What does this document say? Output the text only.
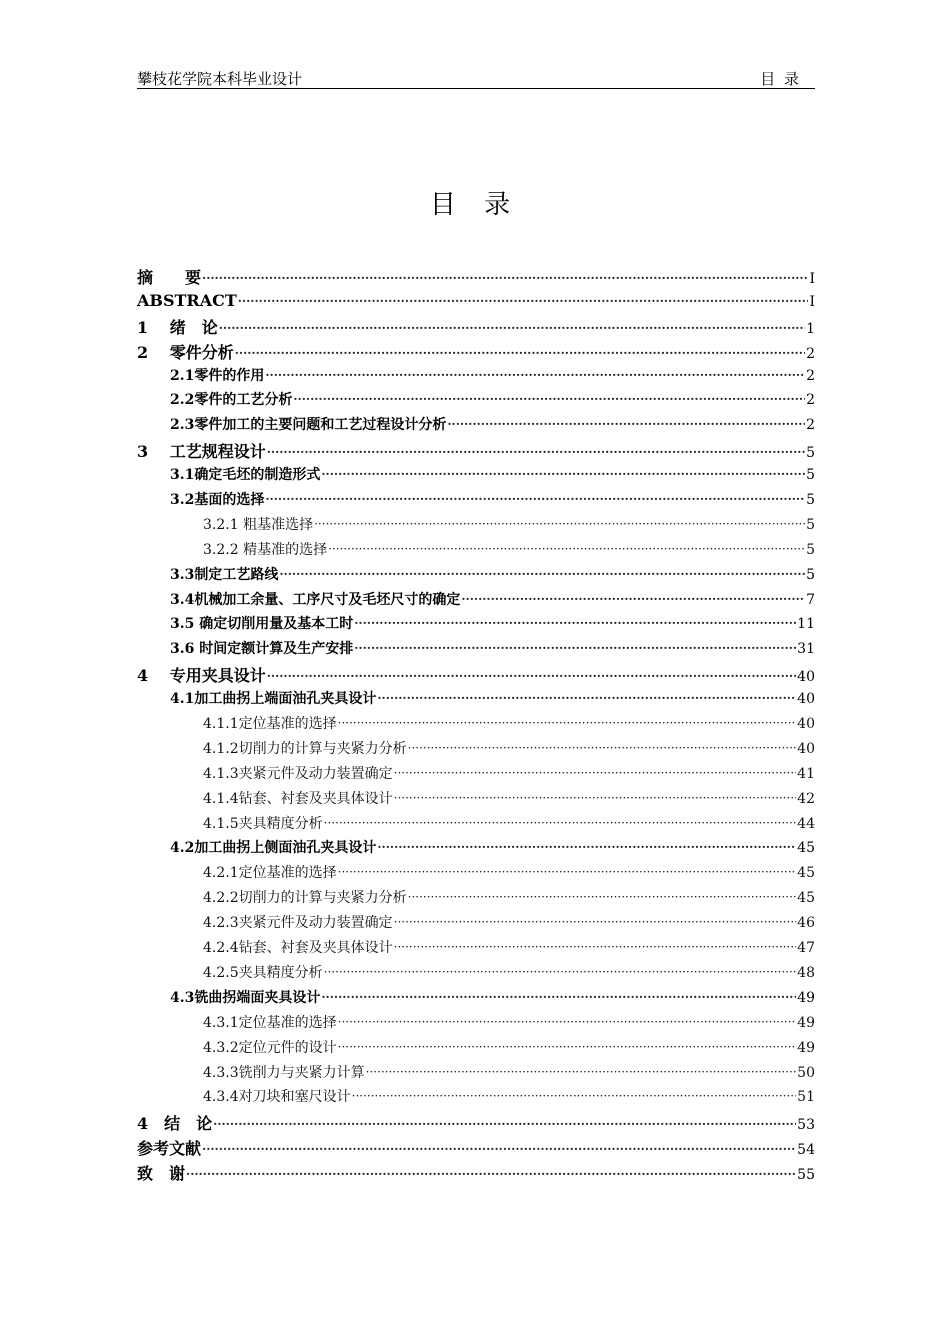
攀枝花学院本科毕业设计	目 录
目 录
摘　　要 ·····	I
ABSTRACT ·····	I
1　 绪　论 ·····	1
2　 零件分析 ·····	2
2.1零件的作用 ·····	2
2.2零件的工艺分析 ·····	2
2.3零件加工的主要问题和工艺过程设计分析 ·····	2
3　 工艺规程设计 ·····	5
3.1确定毛坯的制造形式 ·····	5
3.2基面的选择 ·····	5
3.2.1 粗基准选择 ·····	5
3.2.2 精基准的选择 ·····	5
3.3制定工艺路线 ·····	5
3.4机械加工余量、工序尺寸及毛坯尺寸的确定 ·····	7
3.5 确定切削用量及基本工时 ·····	11
3.6 时间定额计算及生产安排 ·····	31
4　 专用夹具设计 ·····	40
4.1加工曲拐上端面油孔夹具设计 ·····	40
4.1.1定位基准的选择 ·····	40
4.1.2切削力的计算与夹紧力分析 ·····	40
4.1.3夹紧元件及动力装置确定 ·····	41
4.1.4钻套、衬套及夹具体设计 ·····	42
4.1.5夹具精度分析 ·····	44
4.2加工曲拐上侧面油孔夹具设计 ·····	45
4.2.1定位基准的选择 ·····	45
4.2.2切削力的计算与夹紧力分析 ·····	45
4.2.3夹紧元件及动力装置确定 ·····	46
4.2.4钻套、衬套及夹具体设计 ·····	47
4.2.5夹具精度分析 ·····	48
4.3铣曲拐端面夹具设计 ·····	49
4.3.1定位基准的选择 ·····	49
4.3.2定位元件的设计 ·····	49
4.3.3铣削力与夹紧力计算 ·····	50
4.3.4对刀块和塞尺设计 ·····	51
4　结　论 ·····	53
参考文献 ·····	54
致　谢 ·····	55
